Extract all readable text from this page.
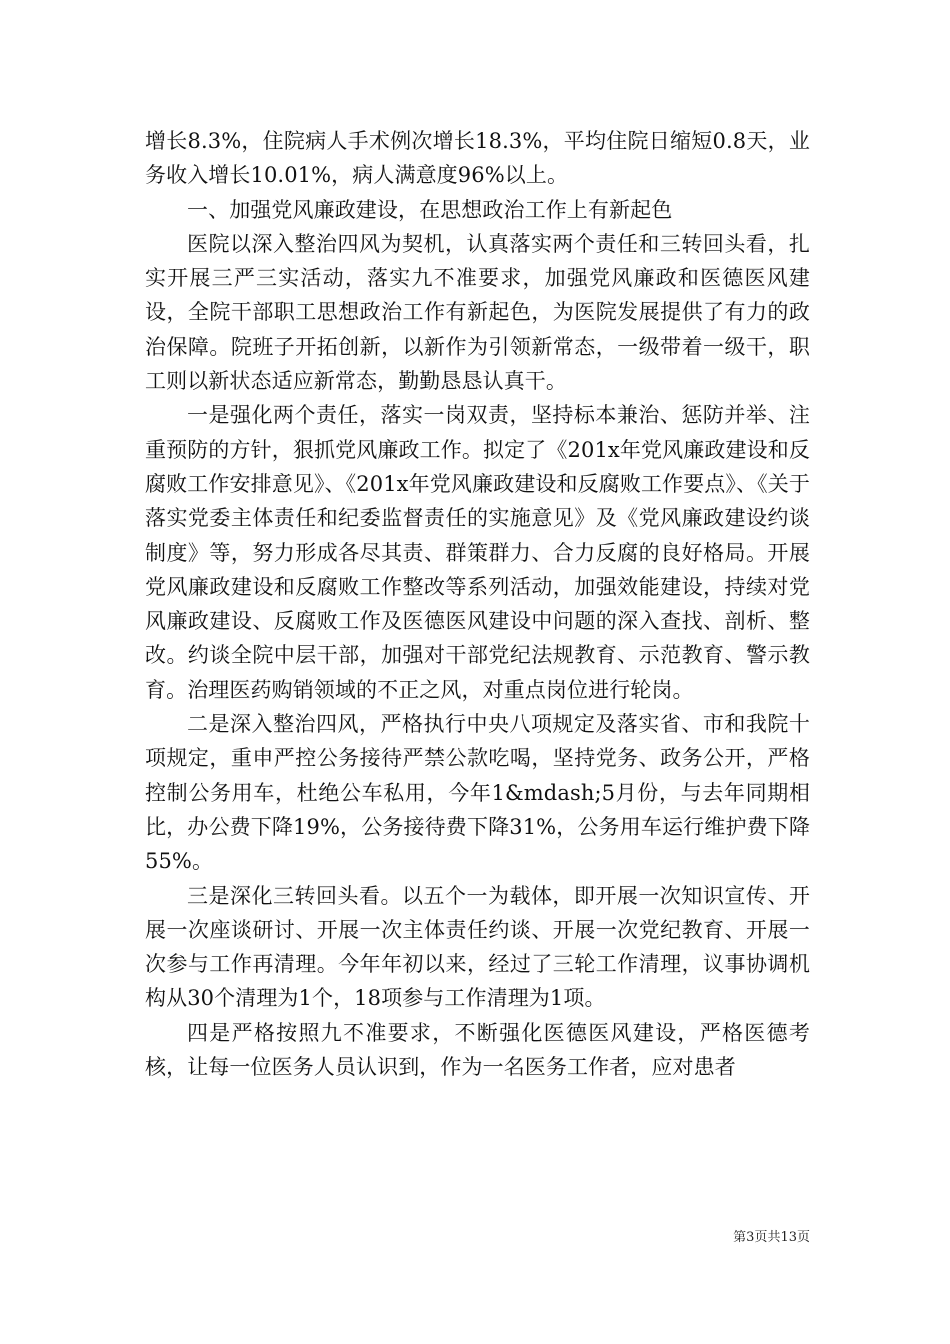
增长8.3%，住院病人手术例次增长18.3%，平均住院日缩短0.8天，业务收入增长10.01%，病人满意度96%以上。

一、加强党风廉政建设，在思想政治工作上有新起色

医院以深入整治四风为契机，认真落实两个责任和三转回头看，扎实开展三严三实活动，落实九不准要求，加强党风廉政和医德医风建设，全院干部职工思想政治工作有新起色，为医院发展提供了有力的政治保障。院班子开拓创新，以新作为引领新常态，一级带着一级干，职工则以新状态适应新常态，勤勤恳恳认真干。

一是强化两个责任，落实一岗双责，坚持标本兼治、惩防并举、注重预防的方针，狠抓党风廉政工作。拟定了《201x年党风廉政建设和反腐败工作安排意见》、《201x年党风廉政建设和反腐败工作要点》、《关于落实党委主体责任和纪委监督责任的实施意见》及《党风廉政建设约谈制度》等，努力形成各尽其责、群策群力、合力反腐的良好格局。开展党风廉政建设和反腐败工作整改等系列活动，加强效能建设，持续对党风廉政建设、反腐败工作及医德医风建设中问题的深入查找、剖析、整改。约谈全院中层干部，加强对干部党纪法规教育、示范教育、警示教育。治理医药购销领域的不正之风，对重点岗位进行轮岗。

二是深入整治四风，严格执行中央八项规定及落实省、市和我院十项规定，重申严控公务接待严禁公款吃喝，坚持党务、政务公开，严格控制公务用车，杜绝公车私用，今年1&mdash;5月份，与去年同期相比，办公费下降19%，公务接待费下降31%，公务用车运行维护费下降55%。

三是深化三转回头看。以五个一为载体，即开展一次知识宣传、开展一次座谈研讨、开展一次主体责任约谈、开展一次党纪教育、开展一次参与工作再清理。今年年初以来，经过了三轮工作清理，议事协调机构从30个清理为1个，18项参与工作清理为1项。

四是严格按照九不准要求，不断强化医德医风建设，严格医德考核，让每一位医务人员认识到，作为一名医务工作者，应对患者

第3页共13页
